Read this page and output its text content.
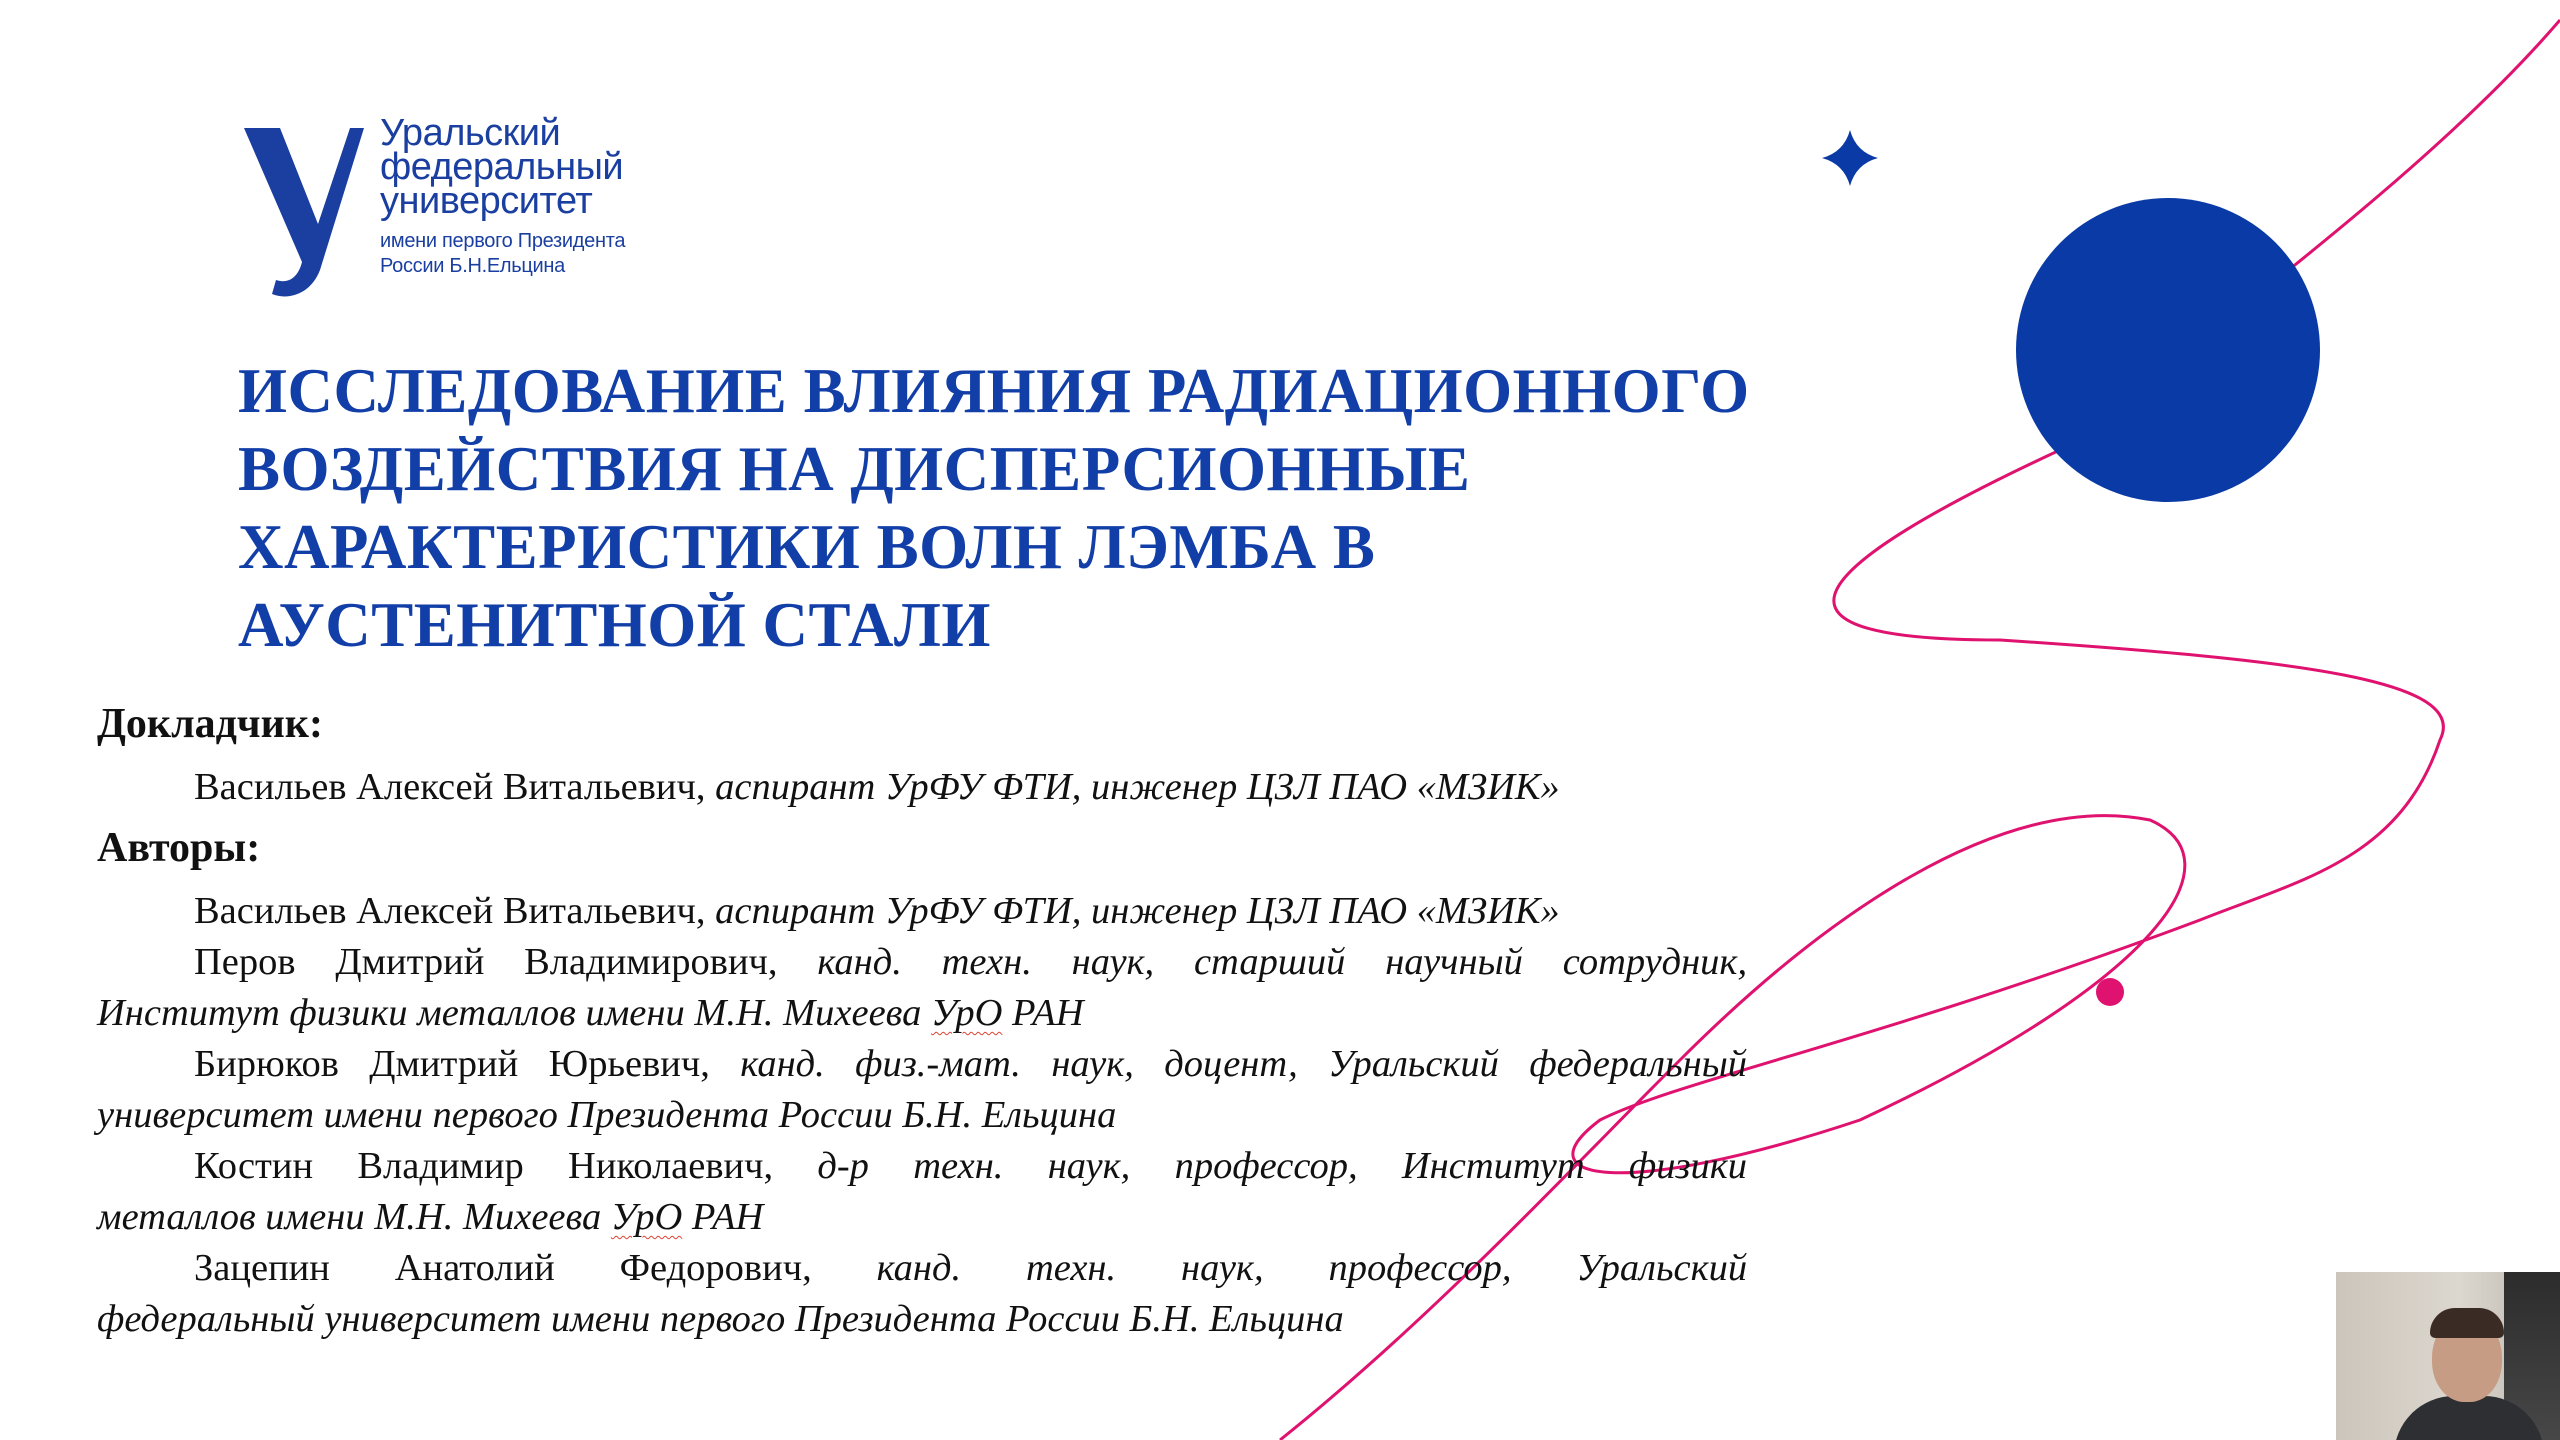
Уральский
федеральный
университет
имени первого Президента
России Б.Н.Ельцина
ИССЛЕДОВАНИЕ ВЛИЯНИЯ РАДИАЦИОННОГО
ВОЗДЕЙСТВИЯ НА ДИСПЕРСИОННЫЕ
ХАРАКТЕРИСТИКИ ВОЛН ЛЭМБА В
АУСТЕНИТНОЙ СТАЛИ
Докладчик:
Васильев Алексей Витальевич, аспирант УрФУ ФТИ, инженер ЦЗЛ ПАО «МЗИК»
Авторы:
Васильев Алексей Витальевич, аспирант УрФУ ФТИ, инженер ЦЗЛ ПАО «МЗИК»
Перов Дмитрий Владимирович, канд. техн. наук, старший научный сотрудник,
Институт физики металлов имени М.Н. Михеева УрО РАН
Бирюков Дмитрий Юрьевич, канд. физ.-мат. наук, доцент, Уральский федеральный
университет имени первого Президента России Б.Н. Ельцина
Костин Владимир Николаевич, д-р техн. наук, профессор, Институт физики
металлов имени М.Н. Михеева УрО РАН
Зацепин Анатолий Федорович, канд. техн. наук, профессор, Уральский
федеральный университет имени первого Президента России Б.Н. Ельцина
